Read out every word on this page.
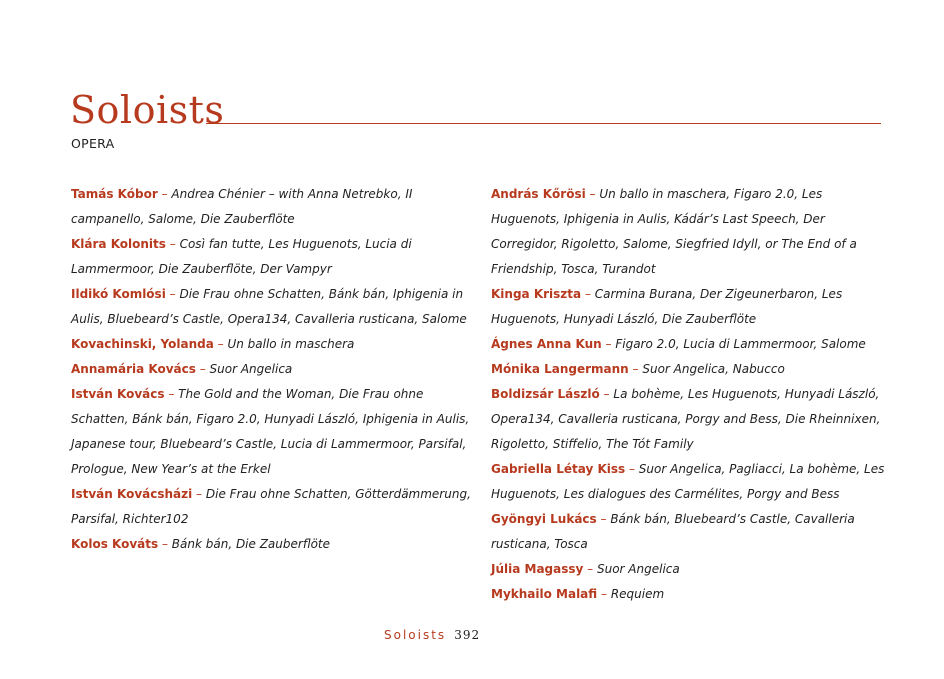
Soloists
OPERA

Tamás Kóbor – Andrea Chénier – with Anna Netrebko, II campanello, Salome, Die Zauberflöte

Klára Kolonits – Così fan tutte, Les Huguenots, Lucia di Lammermoor, Die Zauberflöte, Der Vampyr

Ildikó Komlósi – Die Frau ohne Schatten, Bánk bán, Iphigenia in Aulis, Bluebeard’s Castle, Opera134, Cavalleria rusticana, Salome

Kovachinski, Yolanda – Un ballo in maschera

Annamária Kovács – Suor Angelica

István Kovács – The Gold and the Woman, Die Frau ohne Schatten, Bánk bán, Figaro 2.0, Hunyadi László, Iphigenia in Aulis, Japanese tour, Bluebeard’s Castle, Lucia di Lammermoor, Parsifal, Prologue, New Year’s at the Erkel

István Kovácsházi – Die Frau ohne Schatten, Götterdämmerung, Parsifal, Richter102

Kolos Kováts – Bánk bán, Die Zauberflöte

András Kőrösi – Un ballo in maschera, Figaro 2.0, Les Huguenots, Iphigenia in Aulis, Kádár’s Last Speech, Der Corregidor, Rigoletto, Salome, Siegfried Idyll, or The End of a Friendship, Tosca, Turandot

Kinga Kriszta – Carmina Burana, Der Zigeunerbaron, Les Huguenots, Hunyadi László, Die Zauberflöte

Ágnes Anna Kun – Figaro 2.0, Lucia di Lammermoor, Salome

Mónika Langermann – Suor Angelica, Nabucco

Boldizsár László – La bohème, Les Huguenots, Hunyadi László, Opera134, Cavalleria rusticana, Porgy and Bess, Die Rheinnixen, Rigoletto, Stiffelio, The Tót Family

Gabriella Létay Kiss – Suor Angelica, Pagliacci, La bohème, Les Huguenots, Les dialogues des Carmélites, Porgy and Bess

Gyöngyi Lukács – Bánk bán, Bluebeard’s Castle, Cavalleria rusticana, Tosca

Júlia Magassy – Suor Angelica

Mykhailo Malafi – Requiem

Soloists 392
